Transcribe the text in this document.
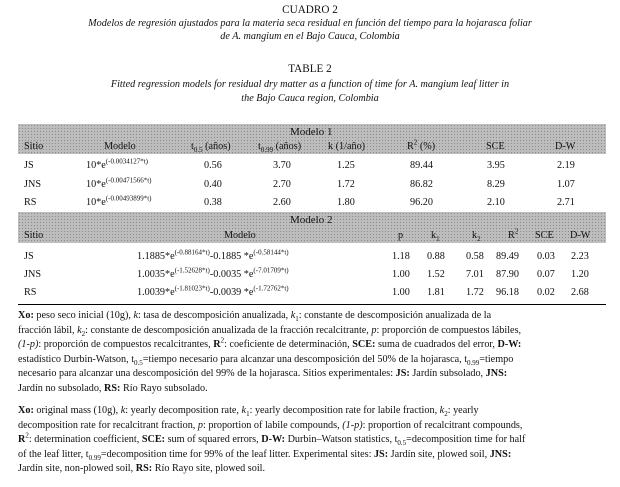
CUADRO 2
Modelos de regresión ajustados para la materia seca residual en función del tiempo para la hojarasca foliar
de A. mangium en el Bajo Cauca, Colombia
TABLE 2
Fitted regression models for residual dry matter as a function of time for A. mangium leaf litter in
the Bajo Cauca region, Colombia
Modelo 1
Sitio	Modelo	$t_{0.5}$ (años)	$t_{0.99}$ (años)	k (1/año)	$R^2$ (%)	SCE	D-W
JS	$10*e^{(-0.0034127*t)}$	0.56	3.70	1.25	89.44	3.95	2.19
JNS	$10*e^{(-0.00471566*t)}$	0.40	2.70	1.72	86.82	8.29	1.07
RS	$10*e^{(-0.00493899*t)}$	0.38	2.60	1.80	96.20	2.10	2.71
Modelo 2
Sitio	Modelo	p	$k_1$	$k_2$	$R^2$ SCE D-W
JS	$1.1885*e^{(-0.88164*t)}-0.1885$ $*e^{(-0.58144*t)}$	1.18 0.88 0.58 89.49 0.03 2.23
JNS	$1.0035*e^{(-1.52628*t)}-0.0035$ $*e^{(-7.01709*t)}$	1.00 1.52 7.01 87.90 0.07 1.20
RS	$1.0039*e^{(-1.81023*t)}-0.0039$ $*e^{(-1.72762*t)}$	1.00 1.81 1.72 96.18 0.02 2.68
Xo: peso seco inicial (10g), k: tasa de descomposición anualizada, $k_1$: constante de descomposición anualizada de la
fracción lábil, $k_2$: constante de descomposición anualizada de la fracción recalcitrante, p: proporción de compuestos lábiles,
(1-p): proporción de compuestos recalcitrantes, $R^2$: coeficiente de determinación, SCE: suma de cuadrados del error, D-W:
estadístico Durbin-Watson, $t_{0.5}=tiempo$ necesario para alcanzar una descomposición del 50% de la hojarasca, $t_{0.99}=tiempo$
necesario para alcanzar una descomposición del 99% de la hojarasca. Sitios experimentales: JS: Jardín subsolado, JNS:
Jardín no subsolado, RS: Río Rayo subsolado.
Xo: original mass (10g), k: yearly decomposition rate, $k_1$: yearly decomposition rate for labile fraction, $k_2$: yearly
decomposition rate for recalcitrant fraction, p: proportion of labile compounds, (1-p): proportion of recalcitrant compounds,
$R^2$: determination coefficient, SCE: sum of squared errors, D-W: Durbin–Watson statistics, $t_{0.5}=decomposition$ time for half
of the leaf litter, $t_{0.99}=decomposition$ time for 99% of the leaf litter. Experimental sites: JS: Jardín site, plowed soil, JNS:
Jardín site, non-plowed soil, RS: Río Rayo site, plowed soil.
